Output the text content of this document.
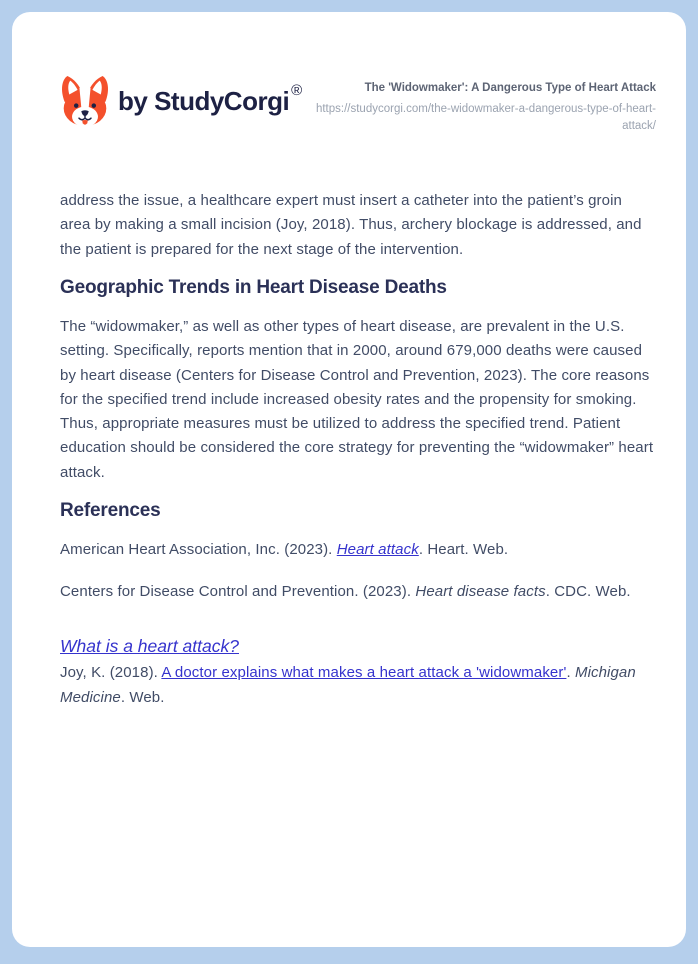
by StudyCorgi ®	The 'Widowmaker': A Dangerous Type of Heart Attack
https://studycorgi.com/the-widowmaker-a-dangerous-type-of-heart-attack/

address the issue, a healthcare expert must insert a catheter into the patient’s groin area by making a small incision (Joy, 2018). Thus, archery blockage is addressed, and the patient is prepared for the next stage of the intervention.

Geographic Trends in Heart Disease Deaths

The “widowmaker,” as well as other types of heart disease, are prevalent in the U.S. setting. Specifically, reports mention that in 2000, around 679,000 deaths were caused by heart disease (Centers for Disease Control and Prevention, 2023). The core reasons for the specified trend include increased obesity rates and the propensity for smoking. Thus, appropriate measures must be utilized to address the specified trend. Patient education should be considered the core strategy for preventing the “widowmaker” heart attack.

References

American Heart Association, Inc. (2023). Heart attack. Heart. Web.

Centers for Disease Control and Prevention. (2023). Heart disease facts. CDC. Web.

What is a heart attack?

Joy, K. (2018). A doctor explains what makes a heart attack a 'widowmaker'. Michigan Medicine. Web.
